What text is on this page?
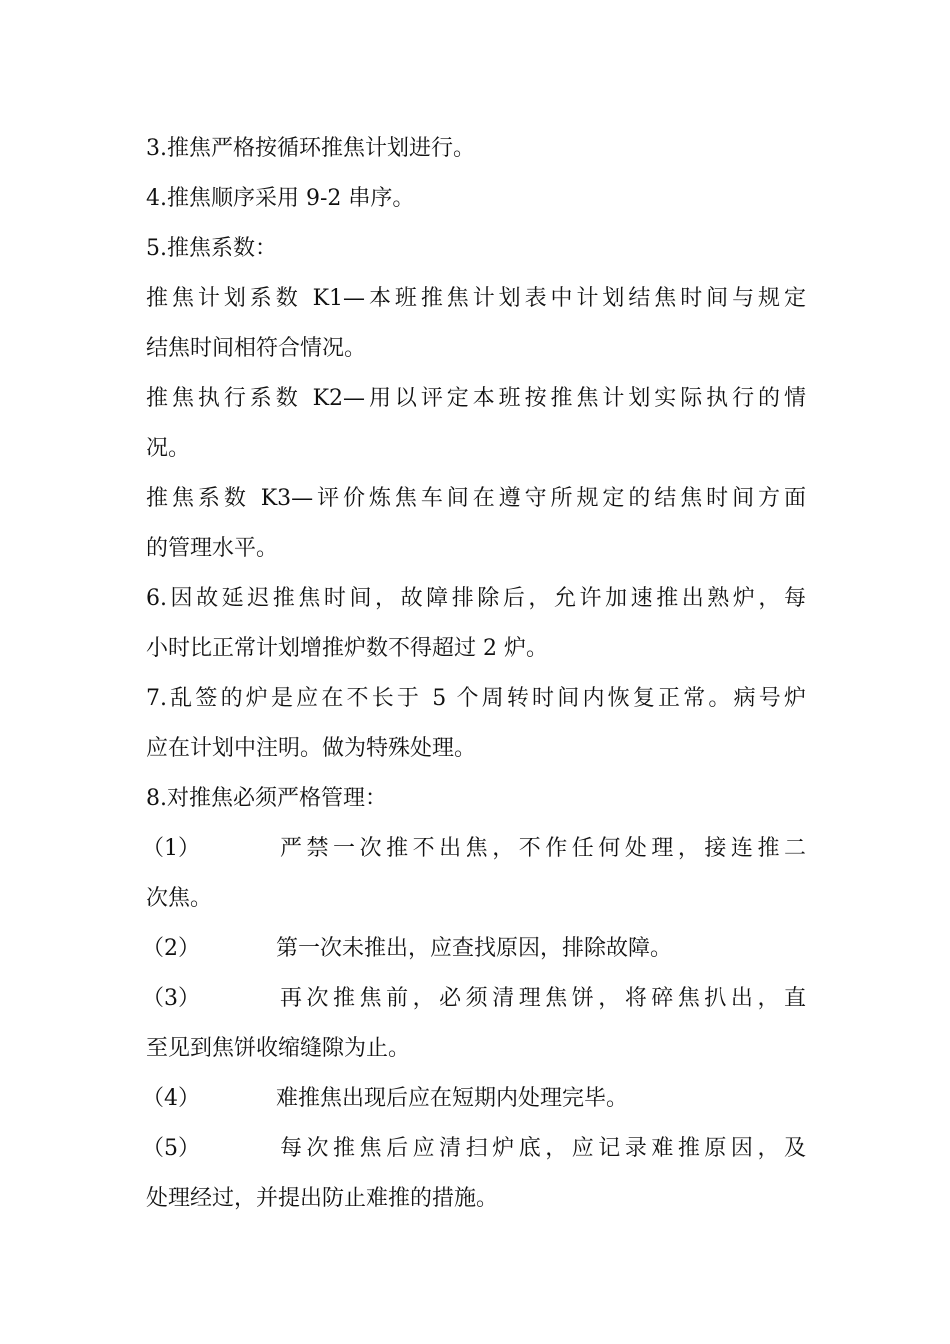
3.推焦严格按循环推焦计划进行。
4.推焦顺序采用 9-2 串序。
5.推焦系数：
推焦计划系数 K1—本班推焦计划表中计划结焦时间与规定
结焦时间相符合情况。
推焦执行系数 K2—用以评定本班按推焦计划实际执行的情
况。
推焦系数 K3—评价炼焦车间在遵守所规定的结焦时间方面
的管理水平。
6.因故延迟推焦时间，故障排除后，允许加速推出熟炉，每
小时比正常计划增推炉数不得超过 2 炉。
7.乱签的炉是应在不长于 5 个周转时间内恢复正常。病号炉
应在计划中注明。做为特殊处理。
8.对推焦必须严格管理：
（1）	严禁一次推不出焦，不作任何处理，接连推二
次焦。
（2）	第一次未推出，应查找原因，排除故障。
（3）	再次推焦前，必须清理焦饼，将碎焦扒出，直
至见到焦饼收缩缝隙为止。
（4）	难推焦出现后应在短期内处理完毕。
（5）	每次推焦后应清扫炉底，应记录难推原因，及
处理经过，并提出防止难推的措施。
